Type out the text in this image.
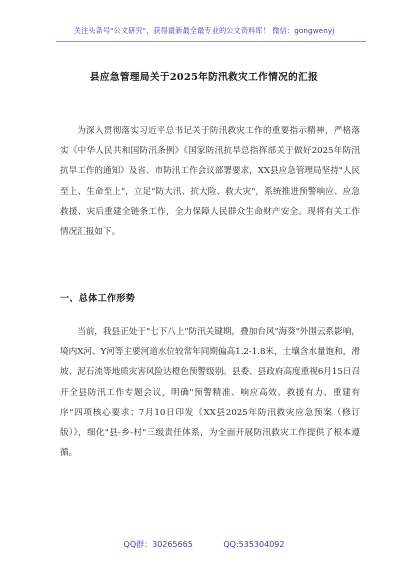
关注头条号"公文研究"，获得最新最全最专业的公文资料库！ 微信：gongwenyj
县应急管理局关于2025年防汛救灾工作情况的汇报

为深入贯彻落实习近平总书记关于防汛救灾工作的重要指示精神，严格落实《中华人民共和国防汛条例》《国家防汛抗旱总指挥部关于做好2025年防汛抗旱工作的通知》及省、市防汛工作会议部署要求，XX县应急管理局坚持"人民至上、生命至上"，立足"防大汛、抗大险、救大灾"，系统推进预警响应、应急救援、灾后重建全链条工作，全力保障人民群众生命财产安全。现将有关工作情况汇报如下。

一、总体工作形势

当前，我县正处于"七下八上"防汛关键期，叠加台风"海葵"外围云系影响，境内X河、Y河等主要河道水位较常年同期偏高1.2-1.8米，土壤含水量饱和，滑坡、泥石流等地质灾害风险达橙色预警级别。县委、县政府高度重视6月15日召开全县防汛工作专题会议，明确"预警精准、响应高效、救援有力、重建有序"四项核心要求；7月10日印发《XX县2025年防汛救灾应急预案（修订版）》，细化"县-乡-村"三级责任体系，为全面开展防汛救灾工作提供了根本遵循。

QQ群：30265665	QQ:535304092
